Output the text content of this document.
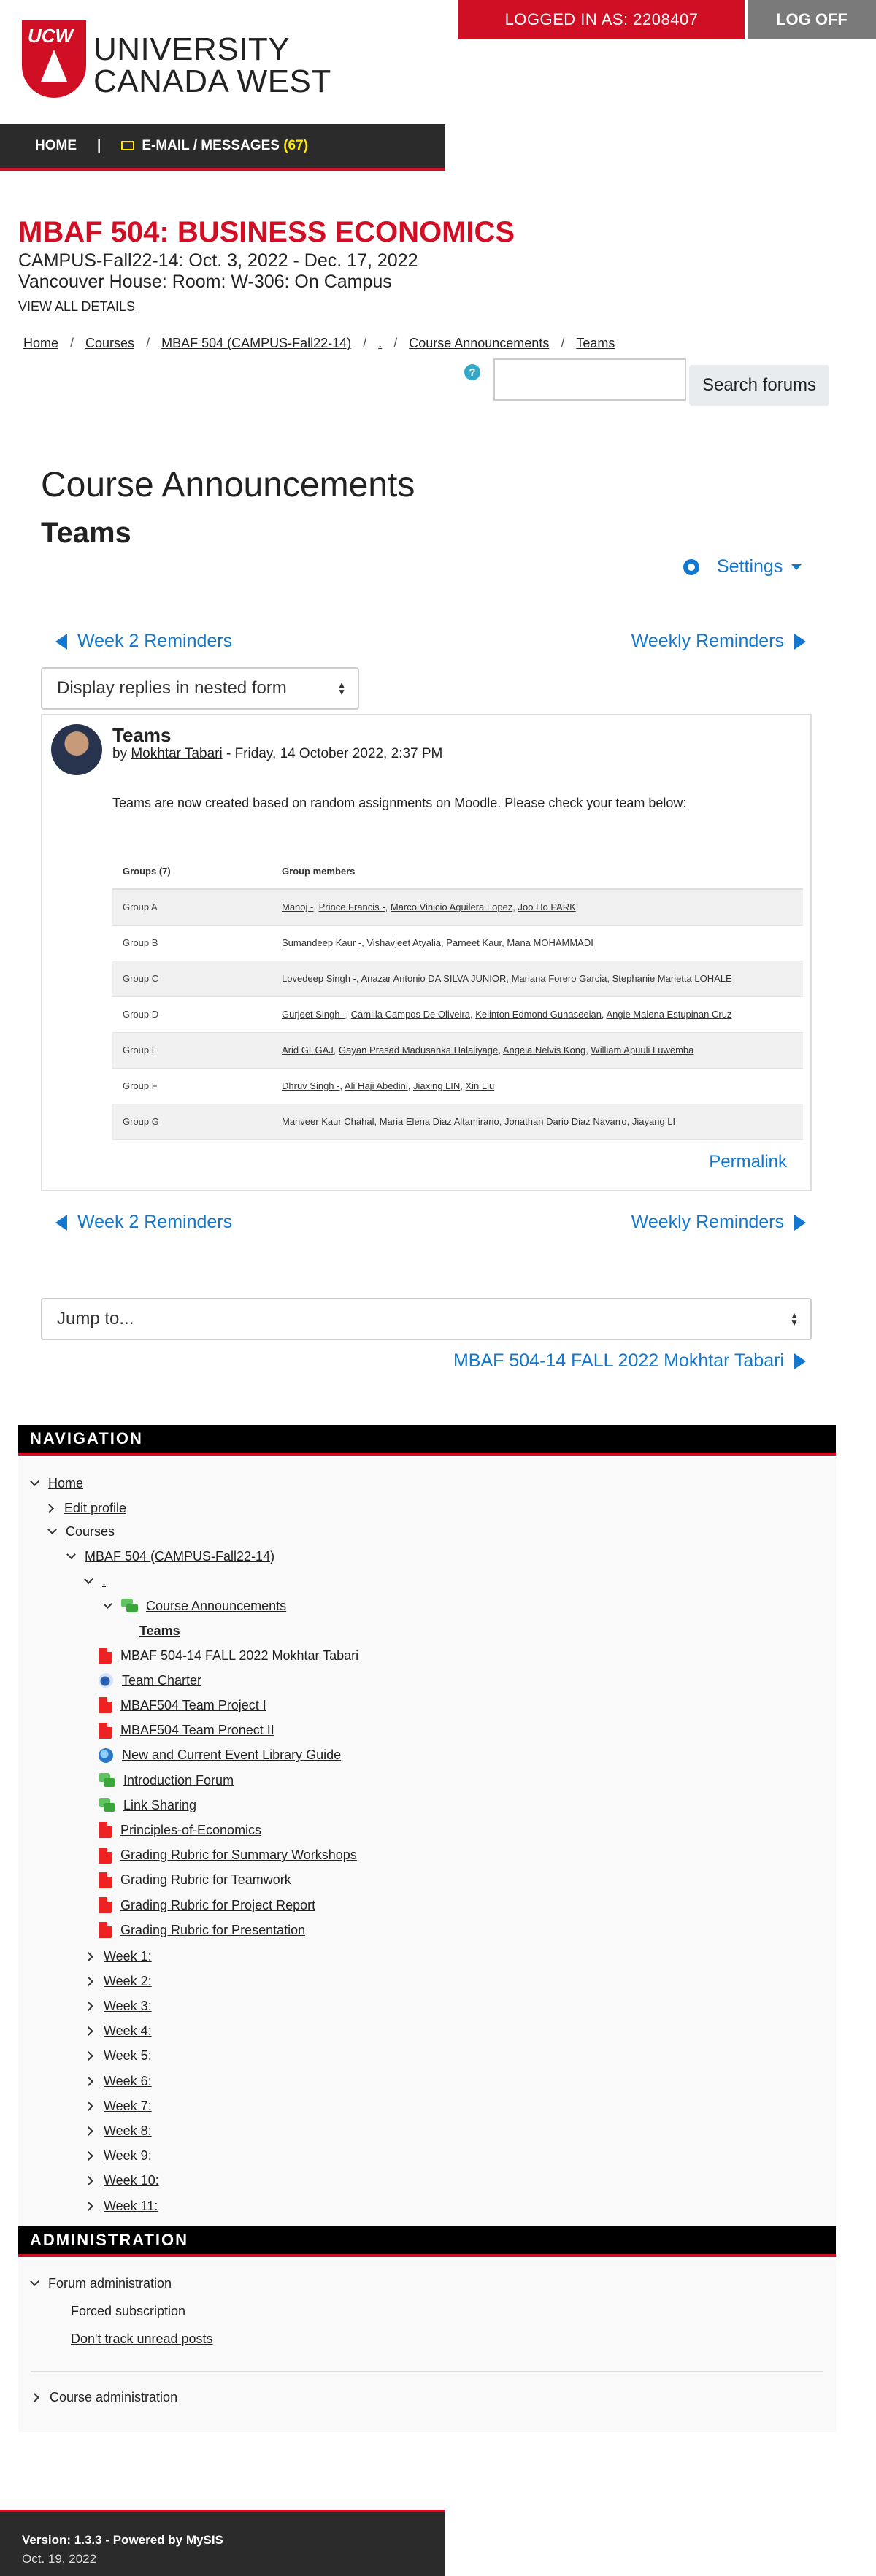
LOGGED IN AS: 2208407	LOG OFF
UCW UNIVERSITY
CANADA WEST
HOME |	E-MAIL / MESSAGES (67)
MBAF 504: BUSINESS ECONOMICS
CAMPUS-Fall22-14: Oct. 3, 2022 - Dec. 17, 2022
Vancouver House: Room: W-306: On Campus
VIEW ALL DETAILS
Home / Courses / MBAF 504 (CAMPUS-Fall22-14) / . / Course Announcements / Teams
?
Search forums
Course Announcements
Teams
Settings
Week 2 Reminders	Weekly Reminders
Display replies in nested form	▲
▼
Teams
by Mokhtar Tabari - Friday, 14 October 2022, 2:37 PM
Teams are now created based on random assignments on Moodle. Please check your team below:
Groups (7)	Group members
Group A	Manoj -, Prince Francis -, Marco Vinicio Aguilera Lopez, Joo Ho PARK
Group B	Sumandeep Kaur -, Vishavjeet Atyalia, Parneet Kaur, Mana MOHAMMADI
Group C	Lovedeep Singh -, Anazar Antonio DA SILVA JUNIOR, Mariana Forero Garcia, Stephanie Marietta LOHALE
Group D	Gurjeet Singh -, Camilla Campos De Oliveira, Kelinton Edmond Gunaseelan, Angie Malena Estupinan Cruz
Group E	Arid GEGAJ, Gayan Prasad Madusanka Halaliyage, Angela Nelvis Kong, William Apuuli Luwemba
Group F	Dhruv Singh -, Ali Haji Abedini, Jiaxing LIN, Xin Liu
Group G	Manveer Kaur Chahal, Maria Elena Diaz Altamirano, Jonathan Dario Diaz Navarro, Jiayang LI
Permalink
Week 2 Reminders	Weekly Reminders
Jump to...	▲
▼
MBAF 504-14 FALL 2022 Mokhtar Tabari
NAVIGATION
Home
Edit profile
Courses
MBAF 504 (CAMPUS-Fall22-14)
.
Course Announcements
Teams
MBAF 504-14 FALL 2022 Mokhtar Tabari
Team Charter
MBAF504 Team Project I
MBAF504 Team Pronect II
New and Current Event Library Guide
Introduction Forum
Link Sharing
Principles-of-Economics
Grading Rubric for Summary Workshops
Grading Rubric for Teamwork
Grading Rubric for Project Report
Grading Rubric for Presentation
Week 1:
Week 2:
Week 3:
Week 4:
Week 5:
Week 6:
Week 7:
Week 8:
Week 9:
Week 10:
Week 11:
ADMINISTRATION
Forum administration
Forced subscription
Don't track unread posts
Course administration
Version: 1.3.3 - Powered by MySIS
Oct. 19, 2022
